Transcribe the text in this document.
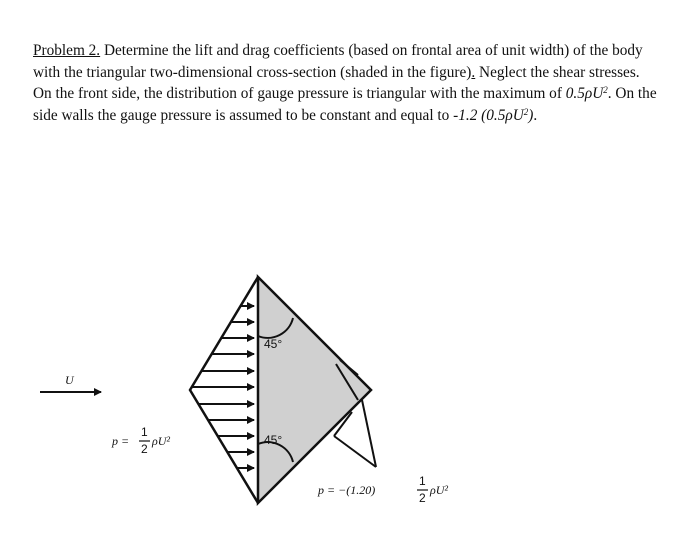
Problem 2. Determine the lift and drag coefficients (based on frontal area of unit width) of the body with the triangular two-dimensional cross-section (shaded in the figure). Neglect the shear stresses. On the front side, the distribution of gauge pressure is triangular with the maximum of $0.5\rho U^2$. On the side walls the gauge pressure is assumed to be constant and equal to -1.2 $(0.5\rho U^2)$.
45°
45°
U
p =
1
2
ρU²
p = −(1.20)
1
2
ρU²
